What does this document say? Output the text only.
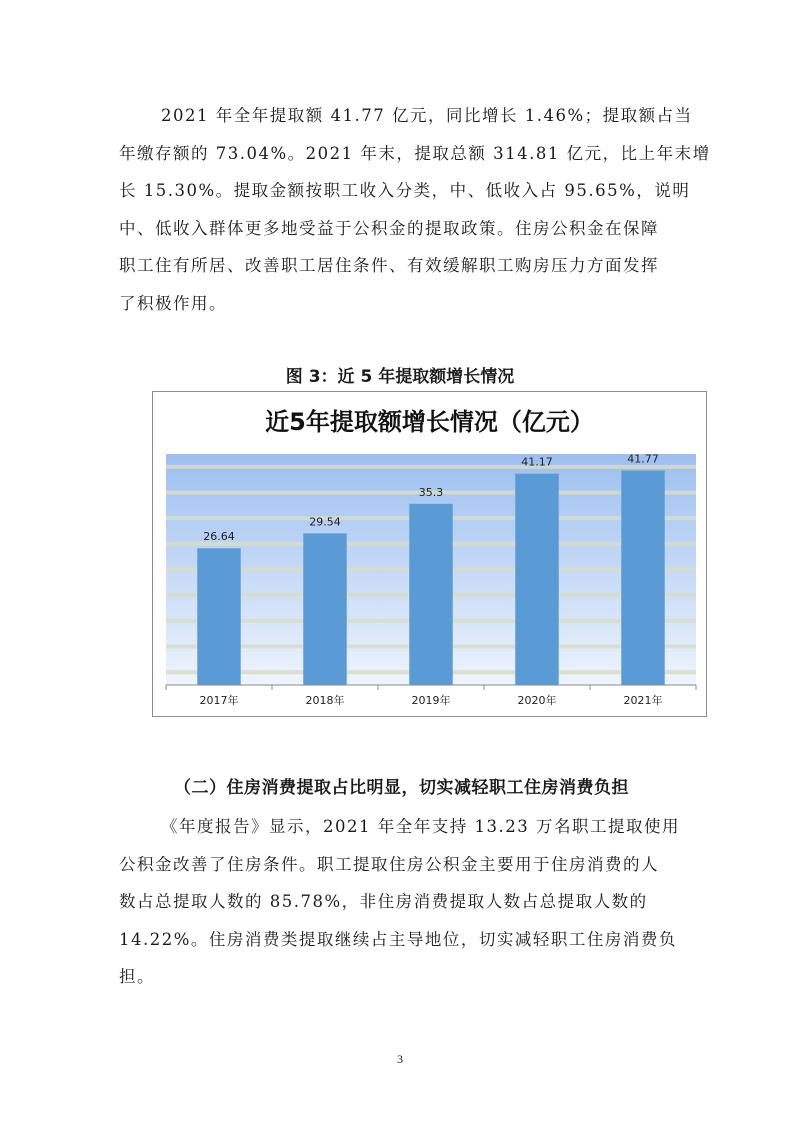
2021 年全年提取额 41.77 亿元，同比增长 1.46%；提取额占当
年缴存额的 73.04%。2021 年末，提取总额 314.81 亿元，比上年末增
长 15.30%。提取金额按职工收入分类，中、低收入占 95.65%，说明
中、低收入群体更多地受益于公积金的提取政策。住房公积金在保障
职工住有所居、改善职工居住条件、有效缓解职工购房压力方面发挥
了积极作用。
图 3：近 5 年提取额增长情况
近5年提取额增长情况（亿元）
26.64
29.54
35.3
41.17	41.77
2017年	2018年	2019年	2020年	2021年
（二）住房消费提取占比明显，切实减轻职工住房消费负担
《年度报告》显示，2021 年全年支持 13.23 万名职工提取使用
公积金改善了住房条件。职工提取住房公积金主要用于住房消费的人
数占总提取人数的 85.78%，非住房消费提取人数占总提取人数的
14.22%。住房消费类提取继续占主导地位，切实减轻职工住房消费负
担。
3
